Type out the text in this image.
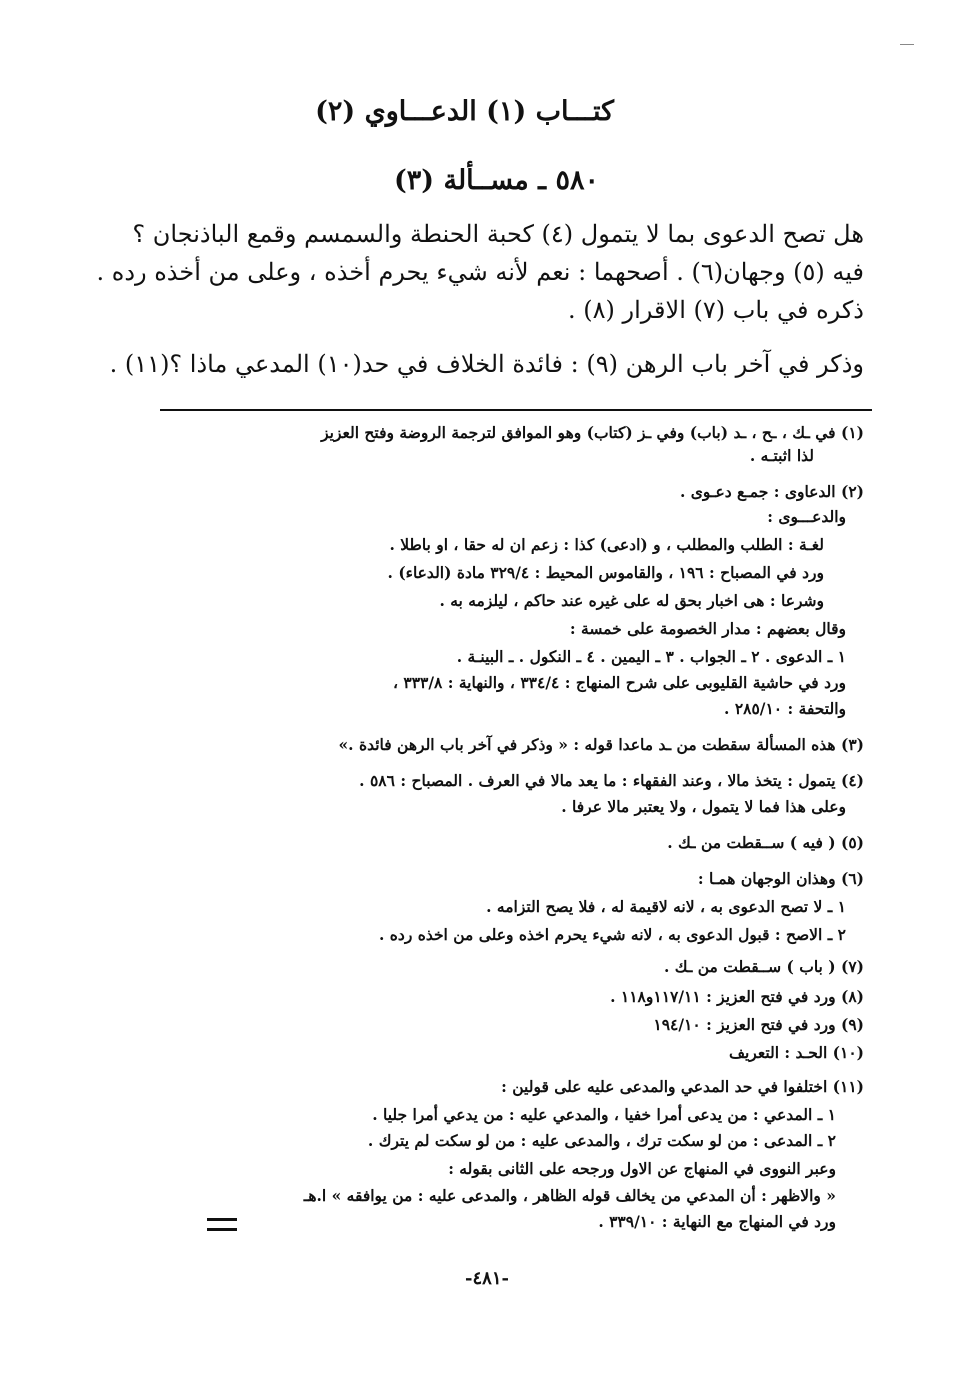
كتـــاب (١) الدعـــاوي (٢)
٥٨٠ ـ مســألة (٣)
هل تصح الدعوى بما لا يتمول (٤) كحبة الحنطة والسمسم وقمع الباذنجان ؟
فيه (٥) وجهان(٦) . أصحهما : نعم لأنه شيء يحرم أخذه ، وعلى من أخذه رده .
ذكره في باب (٧) الاقرار (٨) .
وذكر في آخر باب الرهن (٩) : فائدة الخلاف في حد(١٠) المدعي ماذا ؟(١١) .
(١) في ـك ، ـح ، ـد (باب) وفي ـز (كتاب) وهو الموافق لترجمة الروضة وفتح العزيز
لذا اثبتـه .
(٢) الدعاوى : جمـع دعـوى .
والدعـــوى :
لغـة : الطلب والمطلب ، و (ادعى) كذا : زعم ان له حقا ، او باطلا .
ورد في المصباح : ١٩٦ ، والقاموس المحيط : ٣٢٩/٤ مادة (الدعاء) .
وشرعا : هى اخبار بحق له على غيره عند حاكم ، ليلزمه به .
وقال بعضهم : مدار الخصومة على خمسة :
١ ـ الدعوى . ٢ ـ الجواب . ٣ ـ اليمين . ٤ ـ النكول . ـ البينـة .
ورد في حاشية القليوبى على شرح المنهاج : ٣٣٤/٤ ، والنهاية : ٣٣٣/٨ ،
والتحفة : ٢٨٥/١٠ .
(٣) هذه المسألة سقطت من ـد ماعدا قوله : « وذكر في آخر باب الرهن فائدة .»
(٤) يتمول : يتخذ مالا ، وعند الفقهاء : ما يعد مالا في العرف . المصباح : ٥٨٦ .
وعلى هذا فما لا يتمول ، ولا يعتبر مالا عرفا .
(٥) ( فيه ) ســقطت من ـك .
(٦) وهذان الوجهان همـا :
١ ـ لا تصح الدعوى به ، لانه لاقيمة له ، فلا يصح التزامه .
٢ ـ الاصح : قبول الدعوى به ، لانه شيء يحرم اخذه وعلى من اخذه رده .
(٧) ( باب ) ســقطت من ـك .
(٨) ورد في فتح العزيز : ١١٧/١١و١١٨ .
(٩) ورد في فتح العزيز : ١٩٤/١٠
(١٠) الحـد : التعريف
(١١) اختلفوا في حد المدعي والمدعى عليه على قولين :
١ ـ المدعي : من يدعى أمرا خفيا ، والمدعي عليه : من يدعي أمرا جليا .
٢ ـ المدعى : من لو سكت ترك ، والمدعى عليه : من لو سكت لم يترك .
وعبر النووى في المنهاج عن الاول ورجحه على الثانى بقوله :
« والاظهر : أن المدعي من يخالف قوله الظاهر ، والمدعى عليه : من يوافقه » ا.هـ
ورد في المنهاج مع النهاية : ٣٣٩/١٠ .
-٤٨١-
